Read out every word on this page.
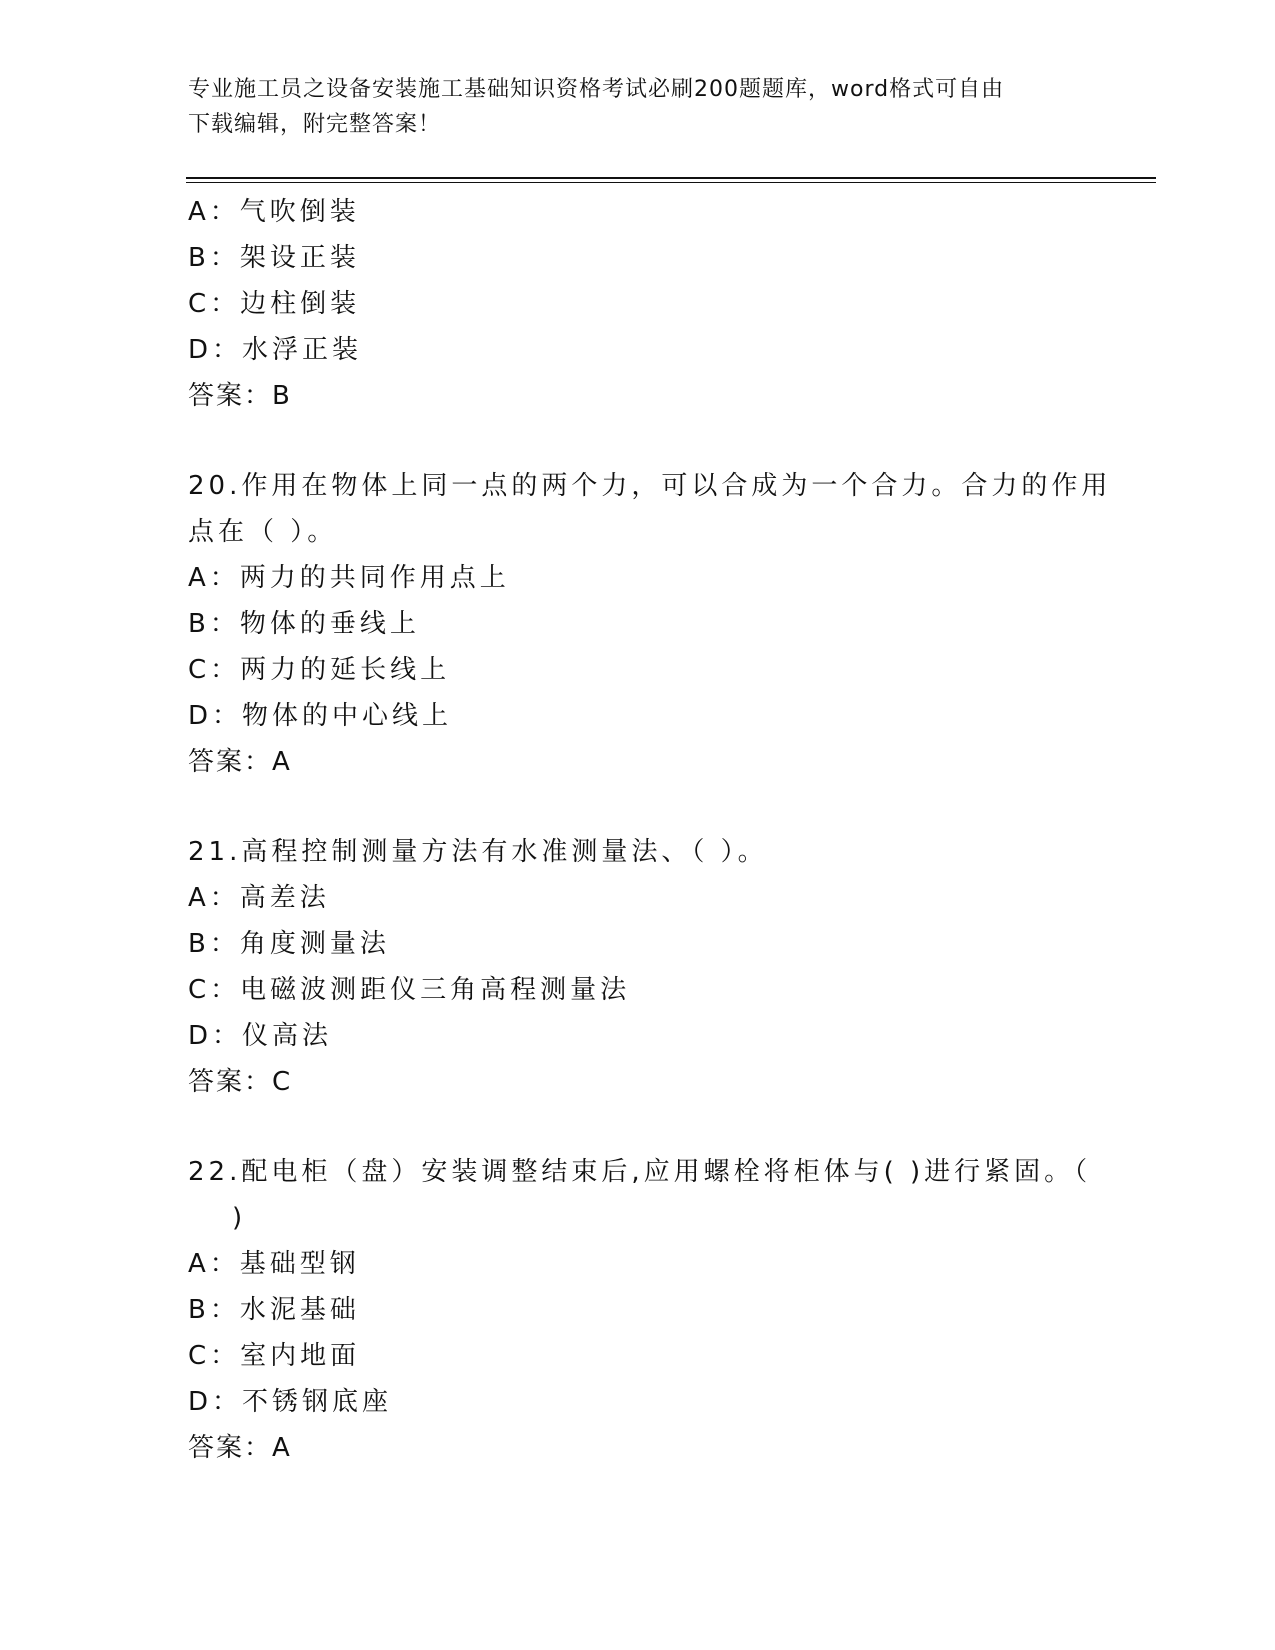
专业施工员之设备安装施工基础知识资格考试必刷200题题库，word格式可自由
下载编辑，附完整答案！
A：气吹倒装
B：架设正装
C：边柱倒装
D：水浮正装
答案：B
20.作用在物体上同一点的两个力，可以合成为一个合力。合力的作用
点在（ ）。
A：两力的共同作用点上
B：物体的垂线上
C：两力的延长线上
D：物体的中心线上
答案：A
21.高程控制测量方法有水准测量法、（ ）。
A：高差法
B：角度测量法
C：电磁波测距仪三角高程测量法
D：仪高法
答案：C
22.配电柜（盘）安装调整结束后,应用螺栓将柜体与( )进行紧固。（
)
A：基础型钢
B：水泥基础
C：室内地面
D：不锈钢底座
答案：A
